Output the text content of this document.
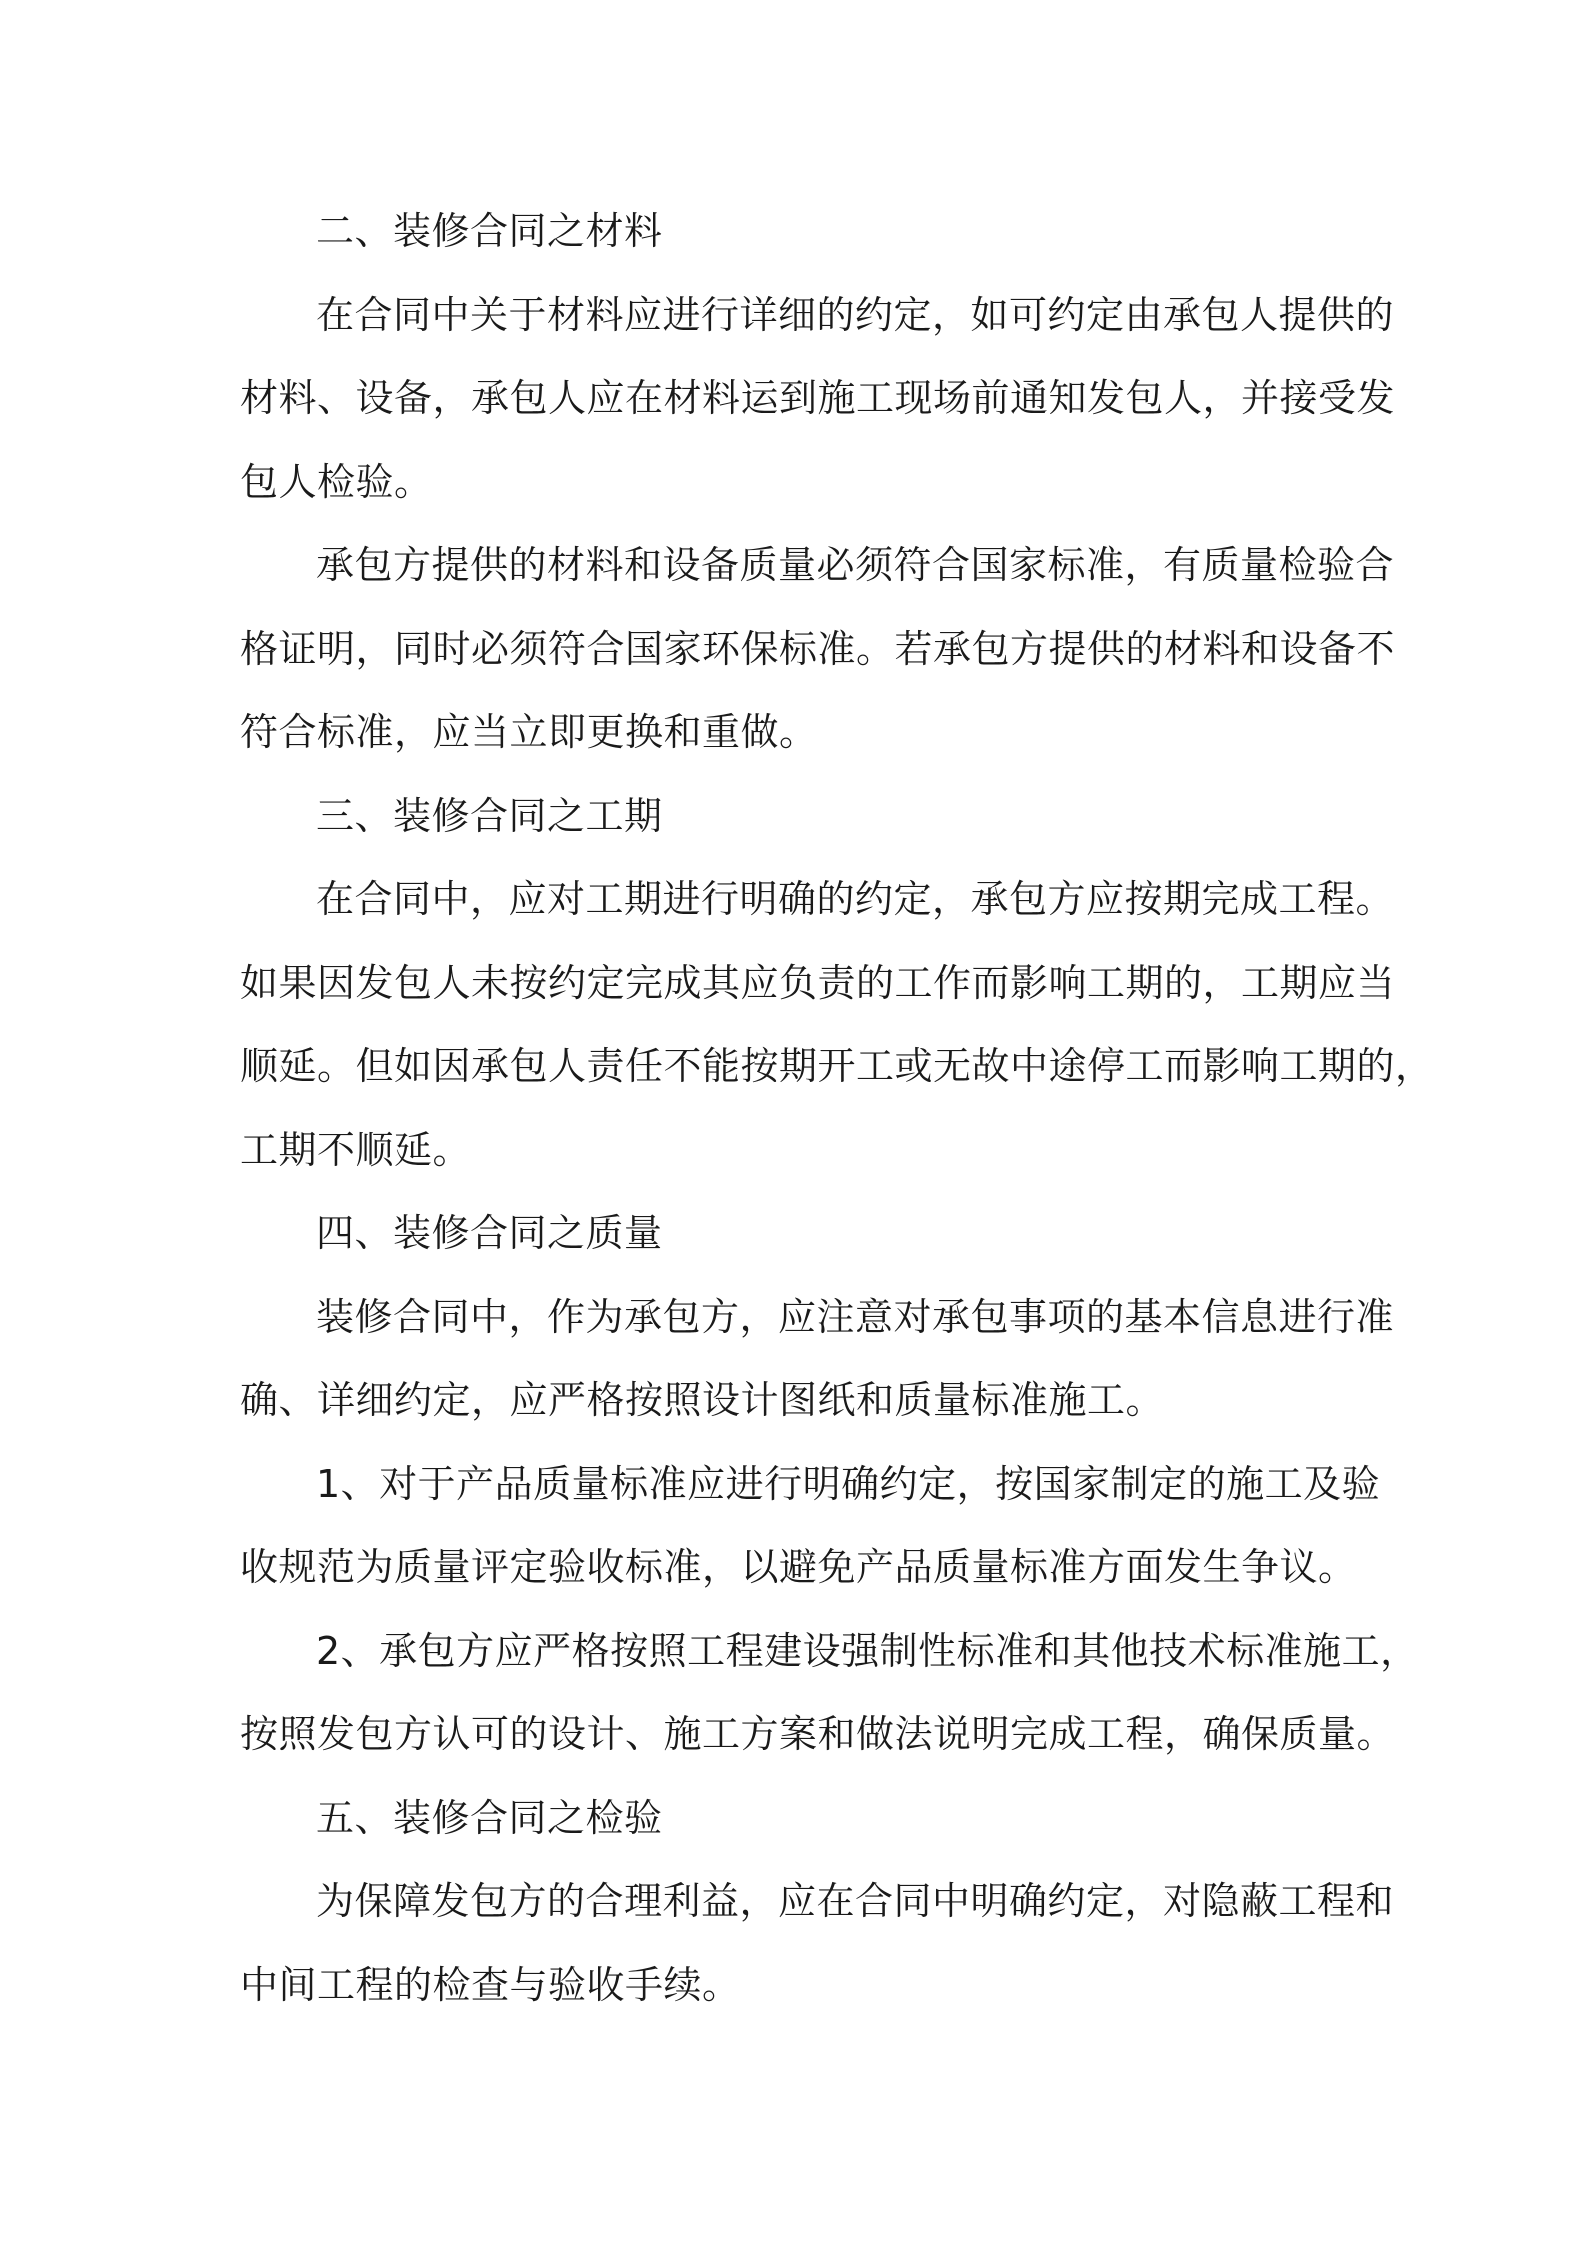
二、装修合同之材料
在合同中关于材料应进行详细的约定，如可约定由承包人提供的
材料、设备，承包人应在材料运到施工现场前通知发包人，并接受发
包人检验。
承包方提供的材料和设备质量必须符合国家标准，有质量检验合
格证明，同时必须符合国家环保标准。若承包方提供的材料和设备不
符合标准，应当立即更换和重做。
三、装修合同之工期
在合同中，应对工期进行明确的约定，承包方应按期完成工程。
如果因发包人未按约定完成其应负责的工作而影响工期的，工期应当
顺延。但如因承包人责任不能按期开工或无故中途停工而影响工期的，
工期不顺延。
四、装修合同之质量
装修合同中，作为承包方，应注意对承包事项的基本信息进行准
确、详细约定，应严格按照设计图纸和质量标准施工。
1、对于产品质量标准应进行明确约定，按国家制定的施工及验
收规范为质量评定验收标准，以避免产品质量标准方面发生争议。
2、承包方应严格按照工程建设强制性标准和其他技术标准施工，
按照发包方认可的设计、施工方案和做法说明完成工程，确保质量。
五、装修合同之检验
为保障发包方的合理利益，应在合同中明确约定，对隐蔽工程和
中间工程的检查与验收手续。
